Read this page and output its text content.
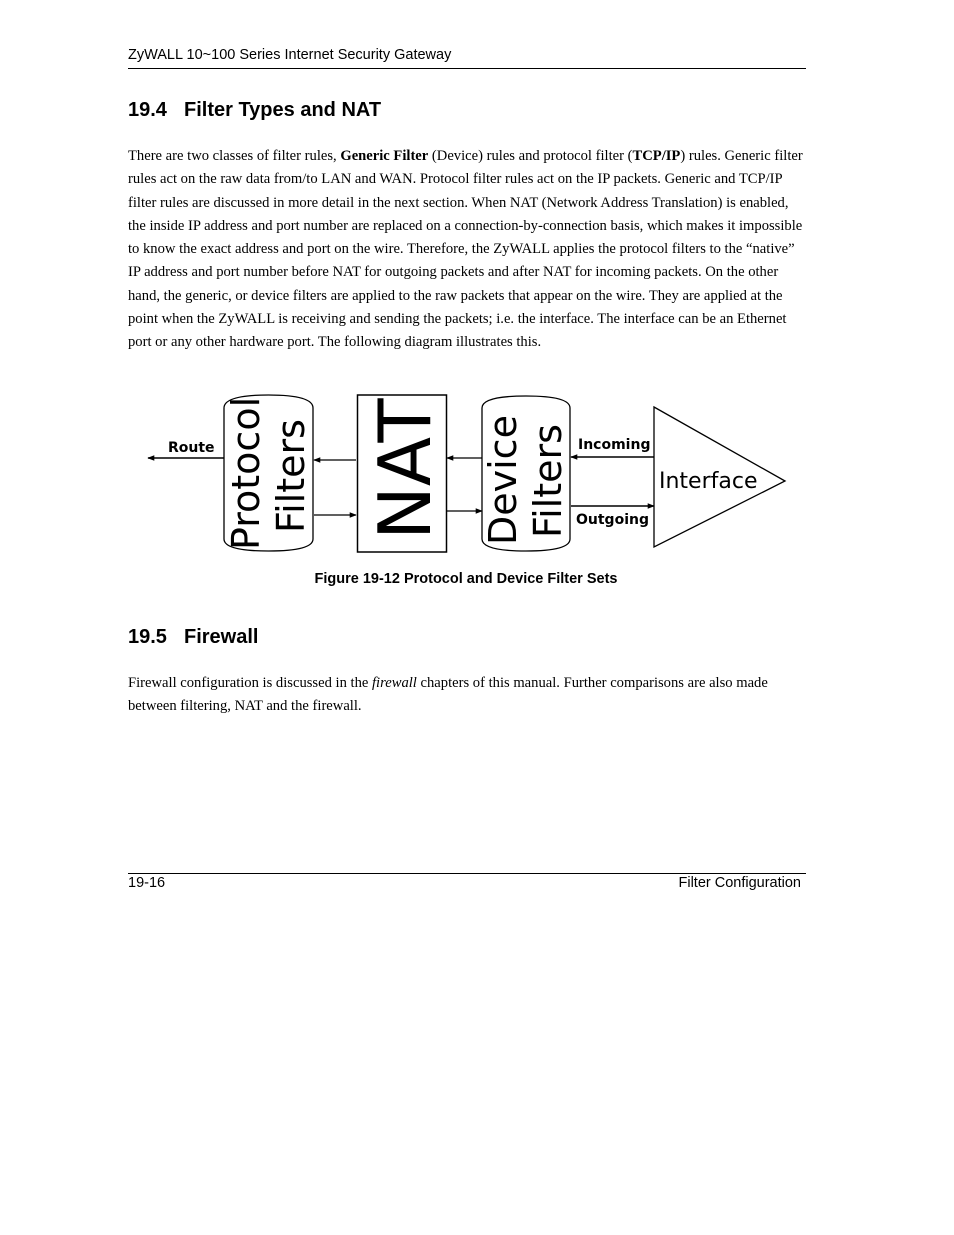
ZyWALL 10~100 Series Internet Security Gateway
19.4 Filter Types and NAT
There are two classes of filter rules, Generic Filter (Device) rules and protocol filter (TCP/IP) rules. Generic filter rules act on the raw data from/to LAN and WAN. Protocol filter rules act on the IP packets. Generic and TCP/IP filter rules are discussed in more detail in the next section. When NAT (Network Address Translation) is enabled, the inside IP address and port number are replaced on a connection-by-connection basis, which makes it impossible to know the exact address and port on the wire. Therefore, the ZyWALL applies the protocol filters to the “native” IP address and port number before NAT for outgoing packets and after NAT for incoming packets. On the other hand, the generic, or device filters are applied to the raw packets that appear on the wire. They are applied at the point when the ZyWALL is receiving and sending the packets; i.e. the interface. The interface can be an Ethernet port or any other hardware port. The following diagram illustrates this.
Route Protocol Filters NAT Device Filters Incoming
Outgoing
Interface
Figure 19-12 Protocol and Device Filter Sets
19.5 Firewall
Firewall configuration is discussed in the firewall chapters of this manual. Further comparisons are also made between filtering, NAT and the firewall.
19-16	Filter Configuration
